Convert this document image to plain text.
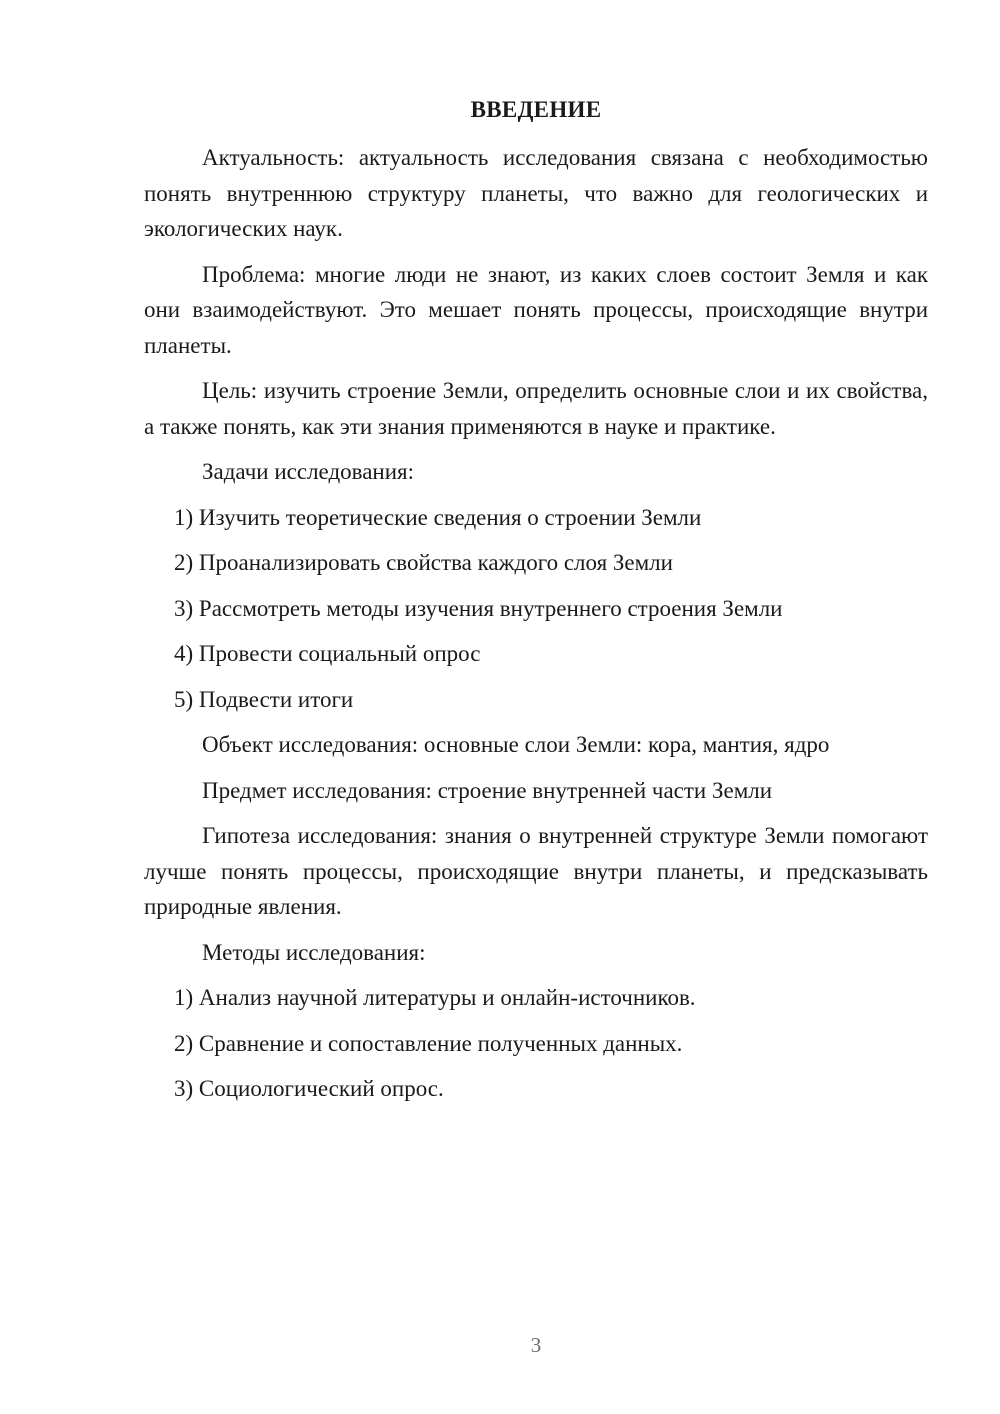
ВВЕДЕНИЕ
Актуальность: актуальность исследования связана с необходимостью понять внутреннюю структуру планеты, что важно для геологических и экологических наук.
Проблема: многие люди не знают, из каких слоев состоит Земля и как они взаимодействуют. Это мешает понять процессы, происходящие внутри планеты.
Цель: изучить строение Земли, определить основные слои и их свойства, а также понять, как эти знания применяются в науке и практике.
Задачи исследования:
1) Изучить теоретические сведения о строении Земли
2) Проанализировать свойства каждого слоя Земли
3) Рассмотреть методы изучения внутреннего строения Земли
4) Провести социальный опрос
5) Подвести итоги
Объект исследования: основные слои Земли: кора, мантия, ядро
Предмет исследования: строение внутренней части Земли
Гипотеза исследования: знания о внутренней структуре Земли помогают лучше понять процессы, происходящие внутри планеты, и предсказывать природные явления.
Методы исследования:
1) Анализ научной литературы и онлайн-источников.
2) Сравнение и сопоставление полученных данных.
3) Социологический опрос.
3
